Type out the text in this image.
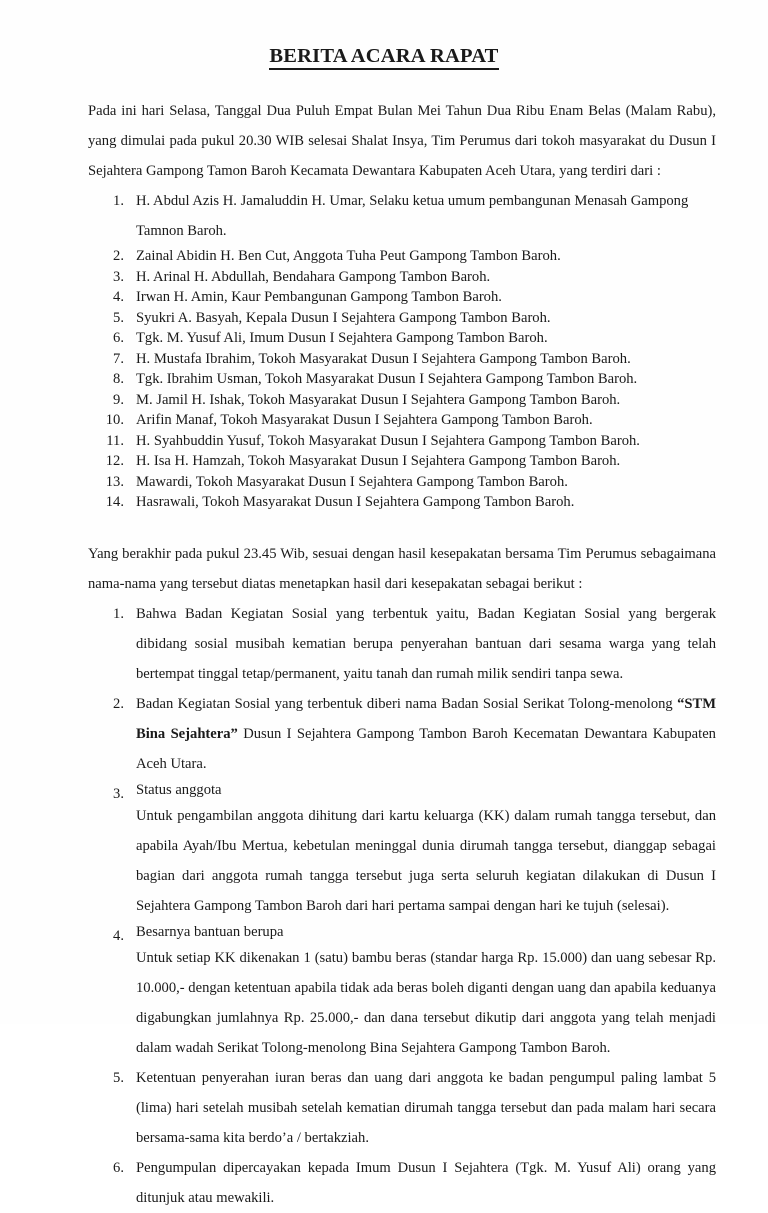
BERITA ACARA RAPAT

Pada ini hari Selasa, Tanggal Dua Puluh Empat Bulan Mei Tahun Dua Ribu Enam Belas (Malam Rabu), yang dimulai pada pukul 20.30 WIB selesai Shalat Insya, Tim Perumus dari tokoh masyarakat du Dusun I Sejahtera Gampong Tamon Baroh Kecamata Dewantara Kabupaten Aceh Utara, yang terdiri dari :

1. H. Abdul Azis H. Jamaluddin H. Umar, Selaku ketua umum pembangunan Menasah Gampong Tamnon Baroh.
2. Zainal Abidin H. Ben Cut, Anggota Tuha Peut Gampong Tambon Baroh.
3. H. Arinal H. Abdullah, Bendahara Gampong Tambon Baroh.
4. Irwan H. Amin, Kaur Pembangunan Gampong Tambon Baroh.
5. Syukri A. Basyah, Kepala Dusun I Sejahtera Gampong Tambon Baroh.
6. Tgk. M. Yusuf Ali, Imum Dusun I Sejahtera Gampong Tambon Baroh.
7. H. Mustafa Ibrahim, Tokoh Masyarakat Dusun I Sejahtera Gampong Tambon Baroh.
8. Tgk. Ibrahim Usman, Tokoh Masyarakat Dusun I Sejahtera Gampong Tambon Baroh.
9. M. Jamil H. Ishak, Tokoh Masyarakat Dusun I Sejahtera Gampong Tambon Baroh.
10. Arifin Manaf, Tokoh Masyarakat Dusun I Sejahtera Gampong Tambon Baroh.
11. H. Syahbuddin Yusuf, Tokoh Masyarakat Dusun I Sejahtera Gampong Tambon Baroh.
12. H. Isa H. Hamzah, Tokoh Masyarakat Dusun I Sejahtera Gampong Tambon Baroh.
13. Mawardi, Tokoh Masyarakat Dusun I Sejahtera Gampong Tambon Baroh.
14. Hasrawali, Tokoh Masyarakat Dusun I Sejahtera Gampong Tambon Baroh.

Yang berakhir pada pukul 23.45 Wib, sesuai dengan hasil kesepakatan bersama Tim Perumus sebagaimana nama-nama yang tersebut diatas menetapkan hasil dari kesepakatan sebagai berikut :

1. Bahwa Badan Kegiatan Sosial yang terbentuk yaitu, Badan Kegiatan Sosial yang bergerak dibidang sosial musibah kematian berupa penyerahan bantuan dari sesama warga yang telah bertempat tinggal tetap/permanent, yaitu tanah dan rumah milik sendiri tanpa sewa.
2. Badan Kegiatan Sosial yang terbentuk diberi nama Badan Sosial Serikat Tolong-menolong “STM Bina Sejahtera” Dusun I Sejahtera Gampong Tambon Baroh Kecematan Dewantara Kabupaten Aceh Utara.
3. Status anggota
Untuk pengambilan anggota dihitung dari kartu keluarga (KK) dalam rumah tangga tersebut, dan apabila Ayah/Ibu Mertua, kebetulan meninggal dunia dirumah tangga tersebut, dianggap sebagai bagian dari anggota rumah tangga tersebut juga serta seluruh kegiatan dilakukan di Dusun I Sejahtera Gampong Tambon Baroh dari hari pertama sampai dengan hari ke tujuh (selesai).
4. Besarnya bantuan berupa
Untuk setiap KK dikenakan 1 (satu) bambu beras (standar harga Rp. 15.000) dan uang sebesar Rp. 10.000,- dengan ketentuan apabila tidak ada beras boleh diganti dengan uang dan apabila keduanya digabungkan jumlahnya Rp. 25.000,- dan dana tersebut dikutip dari anggota yang telah menjadi dalam wadah Serikat Tolong-menolong Bina Sejahtera Gampong Tambon Baroh.
5. Ketentuan penyerahan iuran beras dan uang dari anggota ke badan pengumpul paling lambat 5 (lima) hari setelah musibah setelah kematian dirumah tangga tersebut dan pada malam hari secara bersama-sama kita berdo’a / bertakziah.
6. Pengumpulan dipercayakan kepada Imum Dusun I Sejahtera (Tgk. M. Yusuf Ali) orang yang ditunjuk atau mewakili.
